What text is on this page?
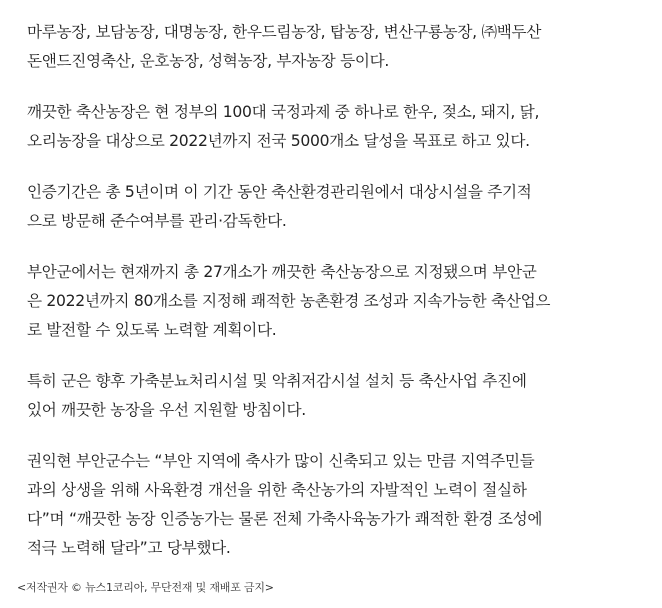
마루농장, 보담농장, 대명농장, 한우드림농장, 탑농장, 변산구룡농장, ㈜백두산
돈앤드진영축산, 운호농장, 성혁농장, 부자농장 등이다.

깨끗한 축산농장은 현 정부의 100대 국정과제 중 하나로 한우, 젖소, 돼지, 닭,
오리농장을 대상으로 2022년까지 전국 5000개소 달성을 목표로 하고 있다.

인증기간은 총 5년이며 이 기간 동안 축산환경관리원에서 대상시설을 주기적
으로 방문해 준수여부를 관리·감독한다.

부안군에서는 현재까지 총 27개소가 깨끗한 축산농장으로 지정됐으며 부안군
은 2022년까지 80개소를 지정해 쾌적한 농촌환경 조성과 지속가능한 축산업으
로 발전할 수 있도록 노력할 계획이다.

특히 군은 향후 가축분뇨처리시설 및 악취저감시설 설치 등 축산사업 추진에
있어 깨끗한 농장을 우선 지원할 방침이다.

권익현 부안군수는 “부안 지역에 축사가 많이 신축되고 있는 만큼 지역주민들
과의 상생을 위해 사육환경 개선을 위한 축산농가의 자발적인 노력이 절실하
다”며 “깨끗한 농장 인증농가는 물론 전체 가축사육농가가 쾌적한 환경 조성에
적극 노력해 달라”고 당부했다.

<저작권자 © 뉴스1코리아, 무단전재 및 재배포 금지>
